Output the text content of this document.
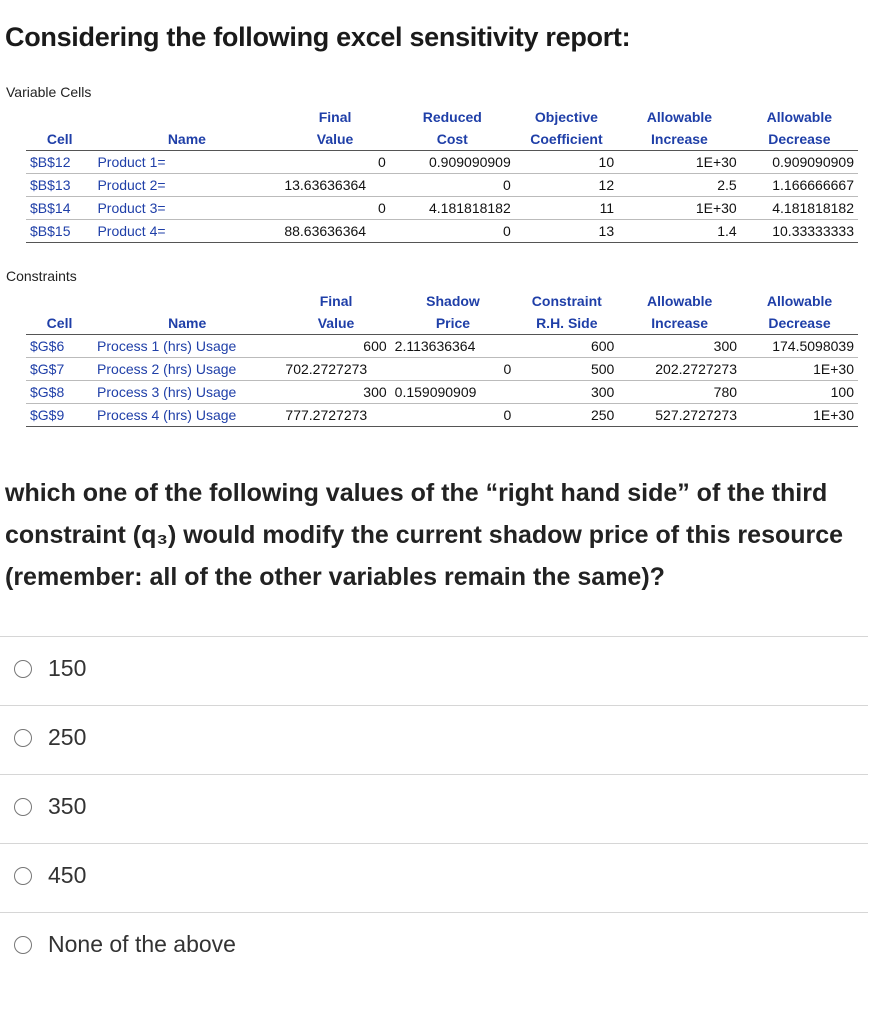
Considering the following excel sensitivity report:
Variable Cells
		Final	Reduced	Objective	Allowable	Allowable
Cell	Name	Value	Cost	Coefficient	Increase	Decrease
$B$12	Product 1=	0	0.909090909	10	1E+30	0.909090909
$B$13	Product 2=	13.63636364	0	12	2.5	1.166666667
$B$14	Product 3=	0	4.181818182	11	1E+30	4.181818182
$B$15	Product 4=	88.63636364	0	13	1.4	10.33333333
Constraints
		Final	Shadow	Constraint	Allowable	Allowable
Cell	Name	Value	Price	R.H. Side	Increase	Decrease
$G$6	Process 1 (hrs) Usage	600	2.113636364	600	300	174.5098039
$G$7	Process 2 (hrs) Usage	702.2727273	0	500	202.2727273	1E+30
$G$8	Process 3 (hrs) Usage	300	0.159090909	300	780	100
$G$9	Process 4 (hrs) Usage	777.2727273	0	250	527.2727273	1E+30
which one of the following values of the “right hand side” of the third constraint (q₃) would modify the current shadow price of this resource (remember: all of the other variables remain the same)?
150
250
350
450
None of the above
